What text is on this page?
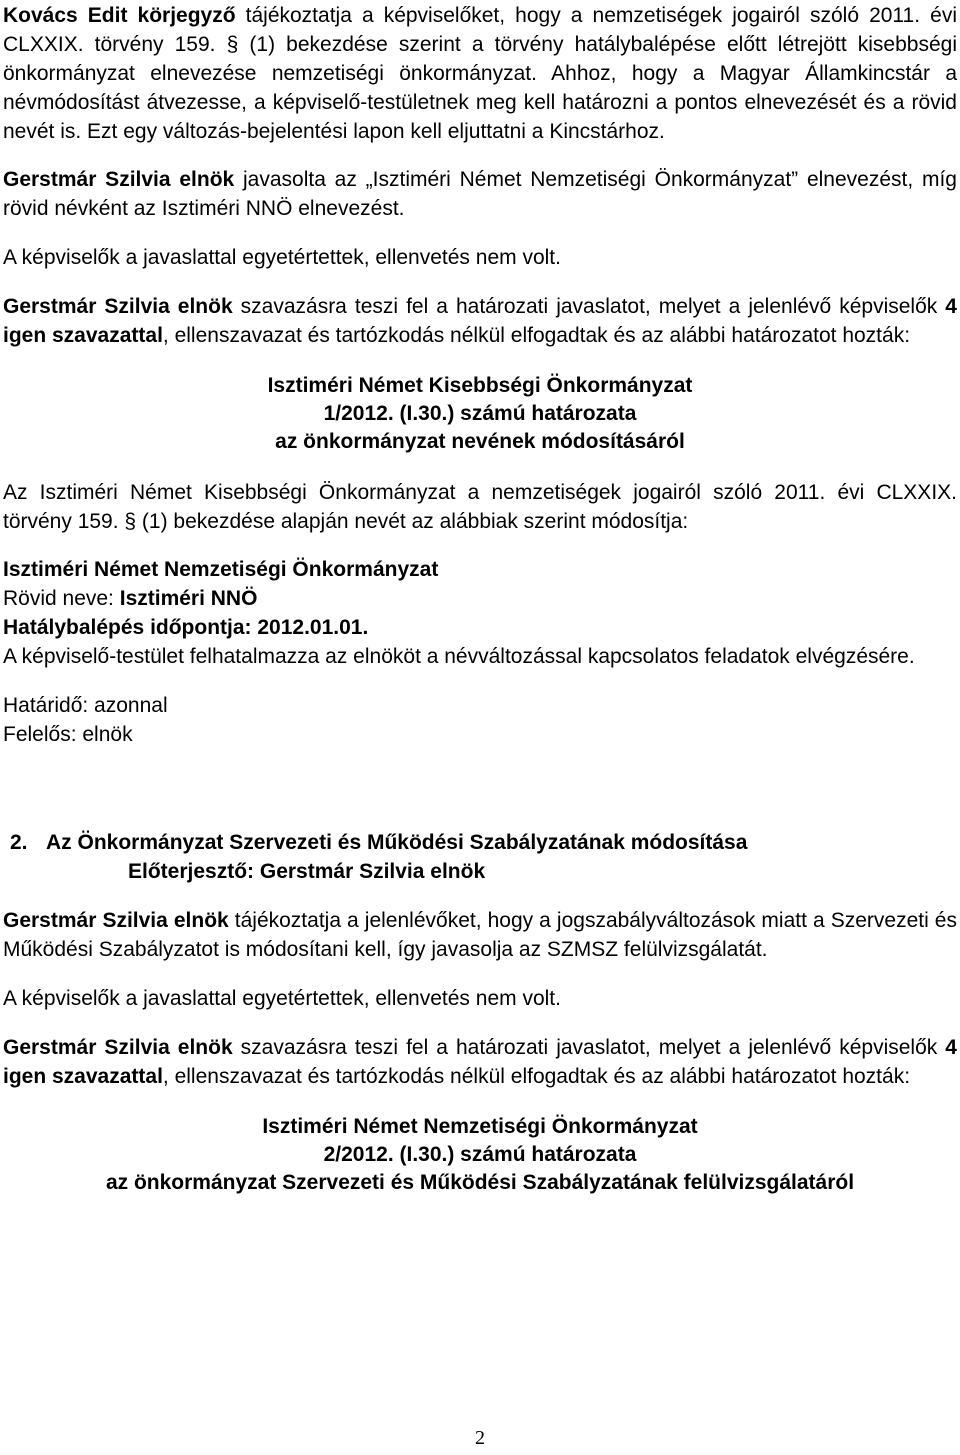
Kovács Edit körjegyző tájékoztatja a képviselőket, hogy a nemzetiségek jogairól szóló 2011. évi CLXXIX. törvény 159. § (1) bekezdése szerint a törvény hatálybalépése előtt létrejött kisebbségi önkormányzat elnevezése nemzetiségi önkormányzat. Ahhoz, hogy a Magyar Államkincstár a névmódosítást átvezesse, a képviselő-testületnek meg kell határozni a pontos elnevezését és a rövid nevét is. Ezt egy változás-bejelentési lapon kell eljuttatni a Kincstárhoz.

Gerstmár Szilvia elnök javasolta az „Isztiméri Német Nemzetiségi Önkormányzat” elnevezést, míg rövid névként az Isztiméri NNÖ elnevezést.

A képviselők a javaslattal egyetértettek, ellenvetés nem volt.

Gerstmár Szilvia elnök szavazásra teszi fel a határozati javaslatot, melyet a jelenlévő képviselők 4 igen szavazattal, ellenszavazat és tartózkodás nélkül elfogadtak és az alábbi határozatot hozták:

Isztiméri Német Kisebbségi Önkormányzat

1/2012. (I.30.) számú határozata

az önkormányzat nevének módosításáról

Az Isztiméri Német Kisebbségi Önkormányzat a nemzetiségek jogairól szóló 2011. évi CLXXIX. törvény 159. § (1) bekezdése alapján nevét az alábbiak szerint módosítja:

Isztiméri Német Nemzetiségi Önkormányzat

Rövid neve: Isztiméri NNÖ

Hatálybalépés időpontja: 2012.01.01.

A képviselő-testület felhatalmazza az elnököt a névváltozással kapcsolatos feladatok elvégzésére.

Határidő: azonnal

Felelős: elnök

2. Az Önkormányzat Szervezeti és Működési Szabályzatának módosítása

Előterjesztő: Gerstmár Szilvia elnök

Gerstmár Szilvia elnök tájékoztatja a jelenlévőket, hogy a jogszabályváltozások miatt a Szervezeti és Működési Szabályzatot is módosítani kell, így javasolja az SZMSZ felülvizsgálatát.

A képviselők a javaslattal egyetértettek, ellenvetés nem volt.

Gerstmár Szilvia elnök szavazásra teszi fel a határozati javaslatot, melyet a jelenlévő képviselők 4 igen szavazattal, ellenszavazat és tartózkodás nélkül elfogadtak és az alábbi határozatot hozták:

Isztiméri Német Nemzetiségi Önkormányzat

2/2012. (I.30.) számú határozata

az önkormányzat Szervezeti és Működési Szabályzatának felülvizsgálatáról

2
